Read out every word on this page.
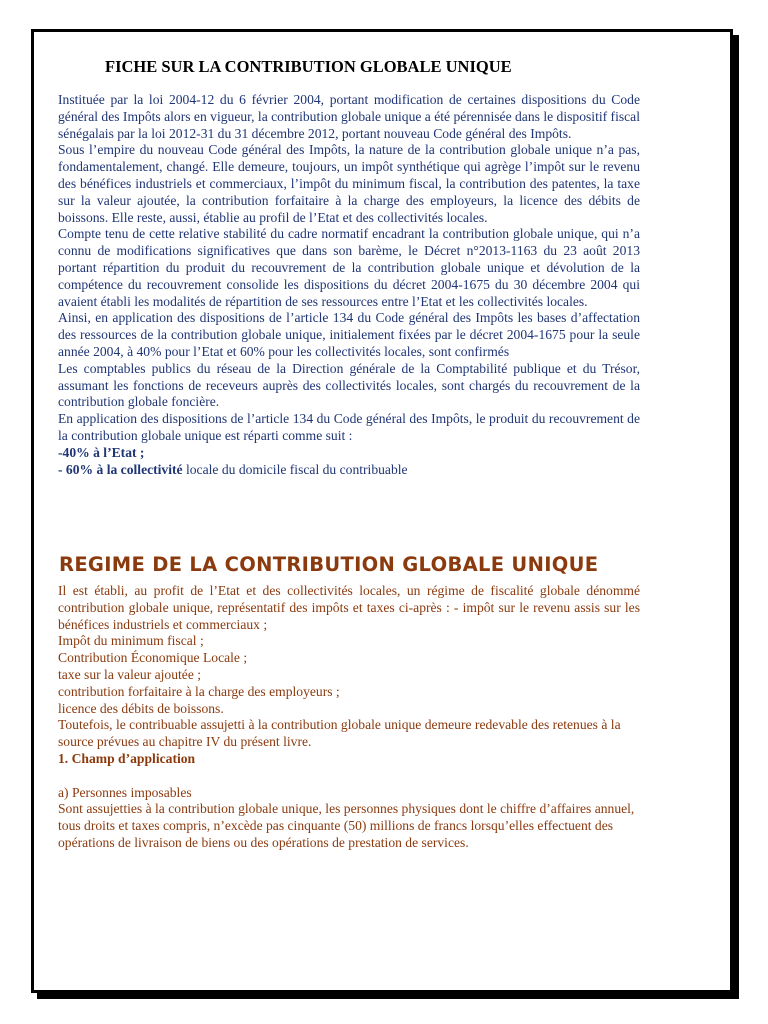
FICHE SUR LA CONTRIBUTION GLOBALE UNIQUE

Instituée par la loi 2004-12 du 6 février 2004, portant modification de certaines dispositions du Code général des Impôts alors en vigueur, la contribution globale unique a été pérennisée dans le dispositif fiscal sénégalais par la loi 2012-31 du 31 décembre 2012, portant nouveau Code général des Impôts.

Sous l’empire du nouveau Code général des Impôts, la nature de la contribution globale unique n’a pas, fondamentalement, changé. Elle demeure, toujours, un impôt synthétique qui agrège l’impôt sur le revenu des bénéfices industriels et commerciaux, l’impôt du minimum fiscal, la contribution des patentes, la taxe sur la valeur ajoutée, la contribution forfaitaire à la charge des employeurs, la licence des débits de boissons. Elle reste, aussi, établie au profil de l’Etat et des collectivités locales.

Compte tenu de cette relative stabilité du cadre normatif encadrant la contribution globale unique, qui n’a connu de modifications significatives que dans son barème, le Décret n°2013-1163 du 23 août 2013 portant répartition du produit du recouvrement de la contribution globale unique et dévolution de la compétence du recouvrement consolide les dispositions du décret 2004-1675 du 30 décembre 2004 qui avaient établi les modalités de répartition de ses ressources entre l’Etat et les collectivités locales.

Ainsi, en application des dispositions de l’article 134 du Code général des Impôts les bases d’affectation des ressources de la contribution globale unique, initialement fixées par le décret 2004-1675 pour la seule année 2004, à 40% pour l’Etat et 60% pour les collectivités locales, sont confirmés

Les comptables publics du réseau de la Direction générale de la Comptabilité publique et du Trésor, assumant les fonctions de receveurs auprès des collectivités locales, sont chargés du recouvrement de la contribution globale foncière.

En application des dispositions de l’article 134 du Code général des Impôts, le produit du recouvrement de la contribution globale unique est réparti comme suit :

-40% à l’Etat ;

- 60% à la collectivité locale du domicile fiscal du contribuable

REGIME DE LA CONTRIBUTION GLOBALE UNIQUE

Il est établi, au profit de l’Etat et des collectivités locales, un régime de fiscalité globale dénommé contribution globale unique, représentatif des impôts et taxes ci-après : - impôt sur le revenu assis sur les bénéfices industriels et commerciaux ;

Impôt du minimum fiscal ;

Contribution Économique Locale ;

taxe sur la valeur ajoutée ;

contribution forfaitaire à la charge des employeurs ;

licence des débits de boissons.

Toutefois, le contribuable assujetti à la contribution globale unique demeure redevable des retenues à la source prévues au chapitre IV du présent livre.

1. Champ d’application

a) Personnes imposables

Sont assujetties à la contribution globale unique, les personnes physiques dont le chiffre d’affaires annuel, tous droits et taxes compris, n’excède pas cinquante (50) millions de francs lorsqu’elles effectuent des opérations de livraison de biens ou des opérations de prestation de services.
